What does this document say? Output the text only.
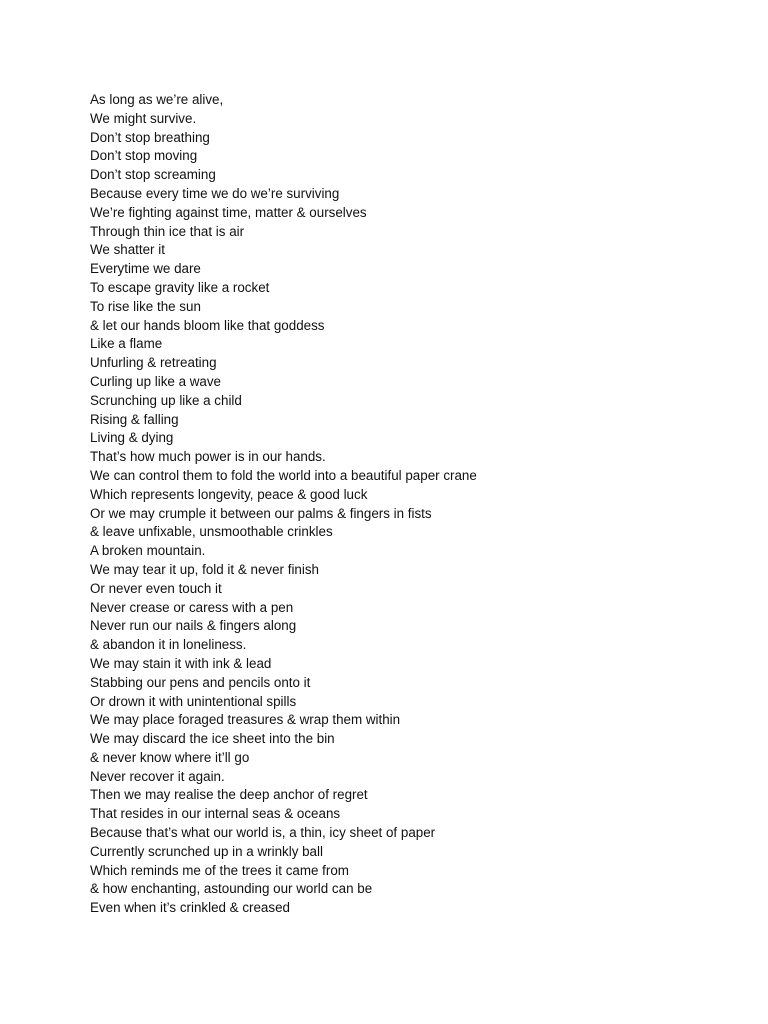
As long as we’re alive,
We might survive.
Don’t stop breathing
Don’t stop moving
Don’t stop screaming
Because every time we do we’re surviving
We’re fighting against time, matter & ourselves
Through thin ice that is air
We shatter it
Everytime we dare
To escape gravity like a rocket
To rise like the sun
& let our hands bloom like that goddess
Like a flame
Unfurling & retreating
Curling up like a wave
Scrunching up like a child
Rising & falling
Living & dying
That’s how much power is in our hands.
We can control them to fold the world into a beautiful paper crane
Which represents longevity, peace & good luck
Or we may crumple it between our palms & fingers in fists
& leave unfixable, unsmoothable crinkles
A broken mountain.
We may tear it up, fold it & never finish
Or never even touch it
Never crease or caress with a pen
Never run our nails & fingers along
& abandon it in loneliness.
We may stain it with ink & lead
Stabbing our pens and pencils onto it
Or drown it with unintentional spills
We may place foraged treasures & wrap them within
We may discard the ice sheet into the bin
& never know where it’ll go
Never recover it again.
Then we may realise the deep anchor of regret
That resides in our internal seas & oceans
Because that’s what our world is, a thin, icy sheet of paper
Currently scrunched up in a wrinkly ball
Which reminds me of the trees it came from
& how enchanting, astounding our world can be
Even when it’s crinkled & creased
